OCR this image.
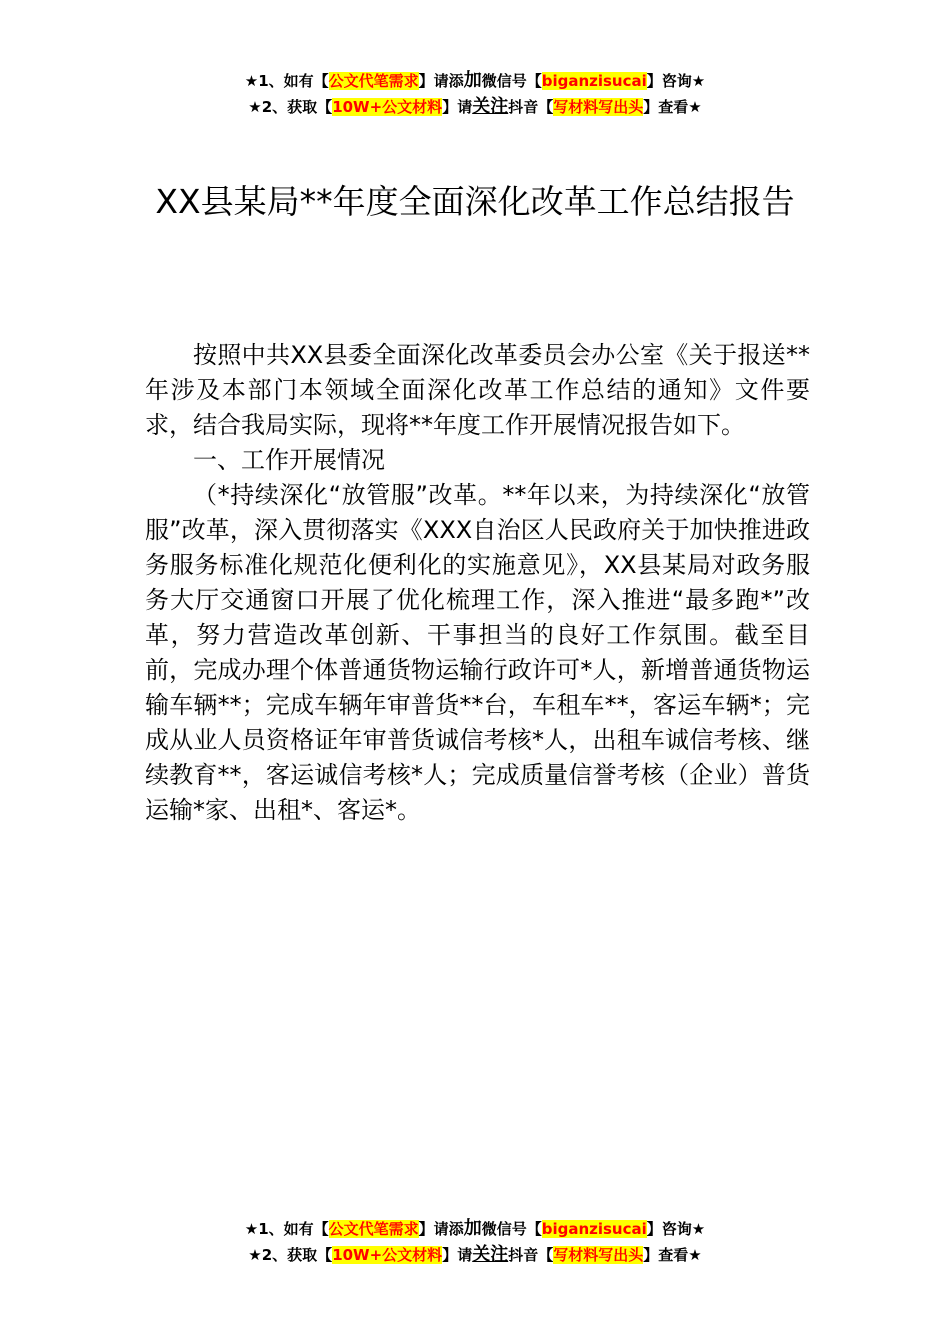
★1、如有【公文代笔需求】请添加微信号【biganzisucai】咨询★
★2、获取【10W+公文材料】请关注抖音【写材料写出头】查看★
XX县某局**年度全面深化改革工作总结报告

按照中共XX县委全面深化改革委员会办公室《关于报送**年涉及本部门本领域全面深化改革工作总结的通知》文件要求，结合我局实际，现将**年度工作开展情况报告如下。

一、工作开展情况

（*持续深化“放管服”改革。**年以来，为持续深化“放管服”改革，深入贯彻落实《XXX自治区人民政府关于加快推进政务服务标准化规范化便利化的实施意见》，XX县某局对政务服务大厅交通窗口开展了优化梳理工作，深入推进“最多跑*”改革，努力营造改革创新、干事担当的良好工作氛围。截至目前，完成办理个体普通货物运输行政许可*人，新增普通货物运输车辆**；完成车辆年审普货**台，车租车**，客运车辆*；完成从业人员资格证年审普货诚信考核*人，出租车诚信考核、继续教育**，客运诚信考核*人；完成质量信誉考核（企业）普货运输*家、出租*、客运*。

★1、如有【公文代笔需求】请添加微信号【biganzisucai】咨询★
★2、获取【10W+公文材料】请关注抖音【写材料写出头】查看★
